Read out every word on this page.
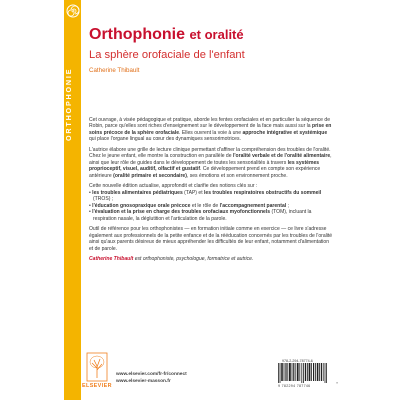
ORTHOPHONIE
Orthophonie et oralité
La sphère orofaciale de l'enfant
Catherine Thibault

Cet ouvrage, à visée pédagogique et pratique, aborde les fentes orofaciales et en particulier la séquence de Robin, parce qu'elles sont riches d'enseignement sur le développement de la face mais aussi sur la prise en soins précoce de la sphère orofaciale. Elles ouvrent la voie à une approche intégrative et systémique qui place l'organe lingual au cœur des dynamiques sensorimotrices.

L'autrice élabore une grille de lecture clinique permettant d'affiner la compréhension des troubles de l'oralité. Chez le jeune enfant, elle montre la construction en parallèle de l'oralité verbale et de l'oralité alimentaire, ainsi que leur rôle de guides dans le développement de toutes les sensorialités à travers les systèmes proprioceptif, visuel, auditif, olfactif et gustatif. Ce développement prend en compte son expérience antérieure (oralité primaire et secondaire), ses émotions et son environnement proche.

Cette nouvelle édition actualise, approfondit et clarifie des notions clés sur :

• les troubles alimentaires pédiatriques (TAP) et les troubles respiratoires obstructifs du sommeil (TROS) ;
• l'éducation gnosopraxique orale précoce et le rôle de l'accompagnement parental ;
• l'évaluation et la prise en charge des troubles orofaciaux myofonctionnels (TOM), incluant la respiration nasale, la déglutition et l'articulation de la parole.

Outil de référence pour les orthophonistes — en formation initiale comme en exercice — ce livre s'adresse également aux professionnels de la petite enfance et de la rééducation concernés par les troubles de l'oralité ainsi qu'aux parents désireux de mieux appréhender les difficultés de leur enfant, notamment d'alimentation et de parole.

Catherine Thibault est orthophoniste, psychologue, formatrice et autrice.

ELSEVIER
www.elsevier.com/fr-fr/connect
www.elsevier-masson.fr
978-2-294-78774-6
9 782294 787746
≡
